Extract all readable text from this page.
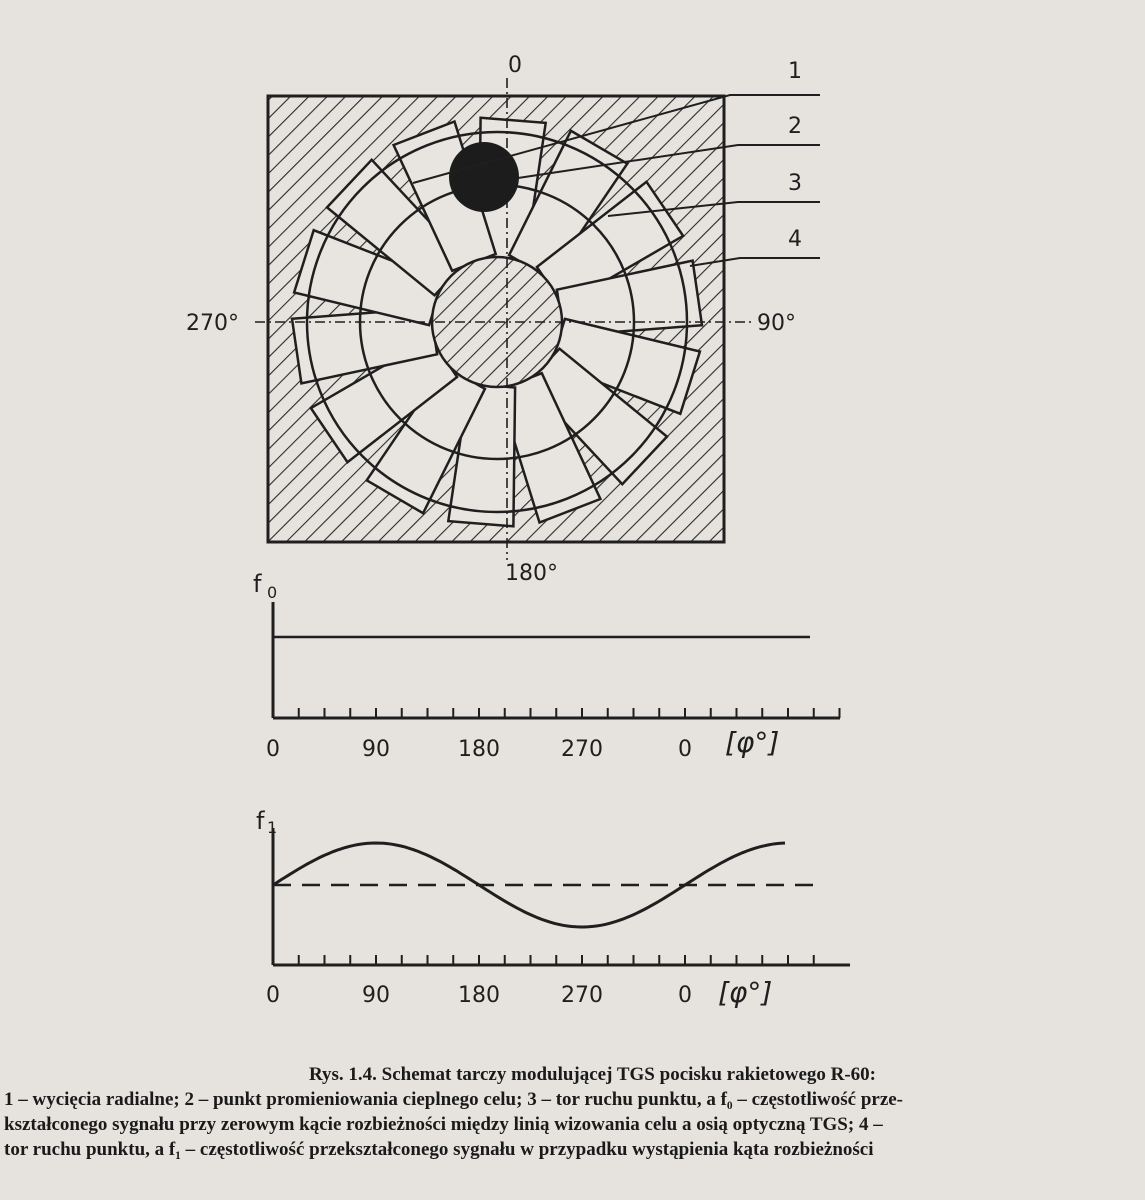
0
90°
180°
270°
1
2
3
4
f 0
0	90	180	270	0 [φ°]
f 1
0	90	180	270	0 [φ°]
Rys. 1.4. Schemat tarczy modulującej TGS pocisku rakietowego R-60:
1 – wycięcia radialne; 2 – punkt promieniowania cieplnego celu; 3 – tor ruchu punktu, a f₀ – częstotliwość prze-
kształconego sygnału przy zerowym kącie rozbieżności między linią wizowania celu a osią optyczną TGS; 4 –
tor ruchu punktu, a f₁ – częstotliwość przekształconego sygnału w przypadku wystąpienia kąta rozbieżności
